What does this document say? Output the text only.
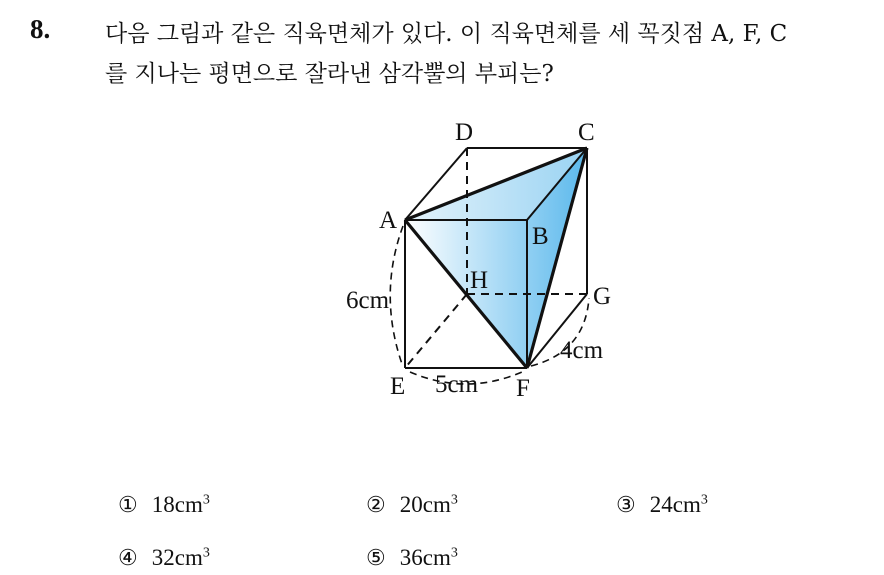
8. 다음 그림과 같은 직육면체가 있다. 이 직육면체를 세 꼭짓점 A, F, C
를 지나는 평면으로 잘라낸 삼각뿔의 부피는?
D	C
A
B
H
G
E	F
6cm
5cm
4cm
① $18cm^3$	② $20cm^3$	③ $24cm^3$
④ $32cm^3$	⑤ $36cm^3$
